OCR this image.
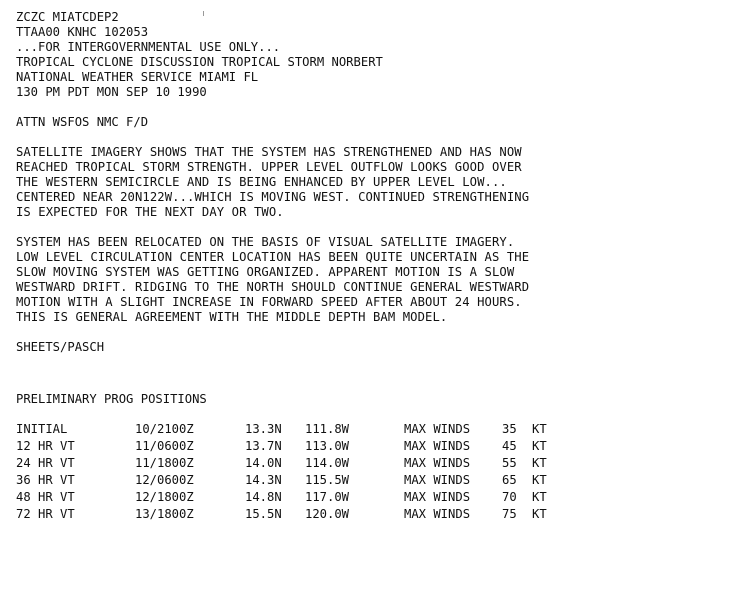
ZCZC MIATCDEP2
TTAA00 KNHC 102053
...FOR INTERGOVERNMENTAL USE ONLY...
TROPICAL CYCLONE DISCUSSION TROPICAL STORM NORBERT
NATIONAL WEATHER SERVICE MIAMI FL
130 PM PDT MON SEP 10 1990
ATTN WSFOS NMC F/D
SATELLITE IMAGERY SHOWS THAT THE SYSTEM HAS STRENGTHENED AND HAS NOW
REACHED TROPICAL STORM STRENGTH. UPPER LEVEL OUTFLOW LOOKS GOOD OVER
THE WESTERN SEMICIRCLE AND IS BEING ENHANCED BY UPPER LEVEL LOW...
CENTERED NEAR 20N122W...WHICH IS MOVING WEST. CONTINUED STRENGTHENING
IS EXPECTED FOR THE NEXT DAY OR TWO.
SYSTEM HAS BEEN RELOCATED ON THE BASIS OF VISUAL SATELLITE IMAGERY.
LOW LEVEL CIRCULATION CENTER LOCATION HAS BEEN QUITE UNCERTAIN AS THE
SLOW MOVING SYSTEM WAS GETTING ORGANIZED. APPARENT MOTION IS A SLOW
WESTWARD DRIFT. RIDGING TO THE NORTH SHOULD CONTINUE GENERAL WESTWARD
MOTION WITH A SLIGHT INCREASE IN FORWARD SPEED AFTER ABOUT 24 HOURS.
THIS IS GENERAL AGREEMENT WITH THE MIDDLE DEPTH BAM MODEL.
SHEETS/PASCH
PRELIMINARY PROG POSITIONS
INITIAL	10/2100Z	13.3N	111.8W	MAX WINDS	35	KT
12 HR VT	11/0600Z	13.7N	113.0W	MAX WINDS	45	KT
24 HR VT	11/1800Z	14.0N	114.0W	MAX WINDS	55	KT
36 HR VT	12/0600Z	14.3N	115.5W	MAX WINDS	65	KT
48 HR VT	12/1800Z	14.8N	117.0W	MAX WINDS	70	KT
72 HR VT	13/1800Z	15.5N	120.0W	MAX WINDS	75	KT
